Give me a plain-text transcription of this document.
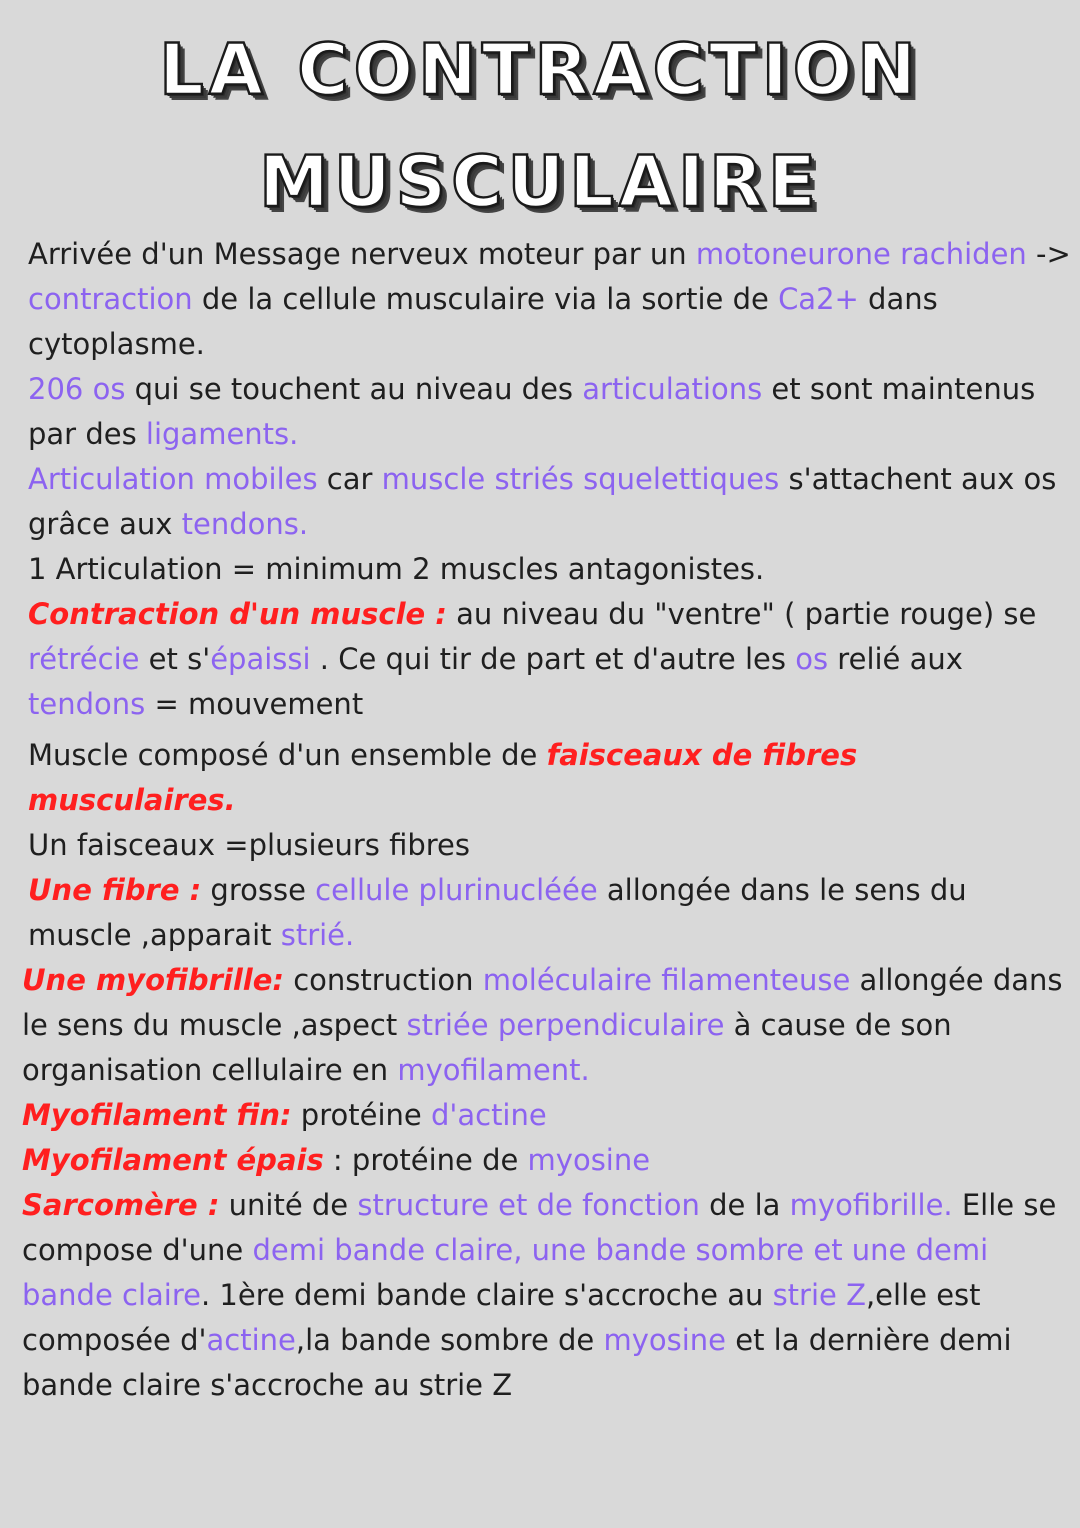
LA CONTRACTION
MUSCULAIRE

Arrivée d'un Message nerveux moteur par un motoneurone rachiden -> contraction de la cellule musculaire via la sortie de Ca2+ dans cytoplasme.

206 os qui se touchent au niveau des articulations et sont maintenus par des ligaments.

Articulation mobiles car muscle striés squelettiques s'attachent aux os grâce aux tendons.

1 Articulation = minimum 2 muscles antagonistes.

Contraction d'un muscle : au niveau du "ventre" ( partie rouge) se rétrécie et s'épaissi . Ce qui tir de part et d'autre les os relié aux tendons = mouvement

Muscle composé d'un ensemble de faisceaux de fibres musculaires.

Un faisceaux =plusieurs fibres

Une fibre : grosse cellule plurinucléée allongée dans le sens du muscle ,apparait strié.

Une myofibrille: construction moléculaire filamenteuse allongée dans le sens du muscle ,aspect striée perpendiculaire à cause de son organisation cellulaire en myofilament.

Myofilament fin: protéine d'actine

Myofilament épais : protéine de myosine

Sarcomère : unité de structure et de fonction de la myofibrille. Elle se compose d'une demi bande claire, une bande sombre et une demi bande claire. 1ère demi bande claire s'accroche au strie Z,elle est composée d'actine,la bande sombre de myosine et la dernière demi bande claire s'accroche au strie Z
